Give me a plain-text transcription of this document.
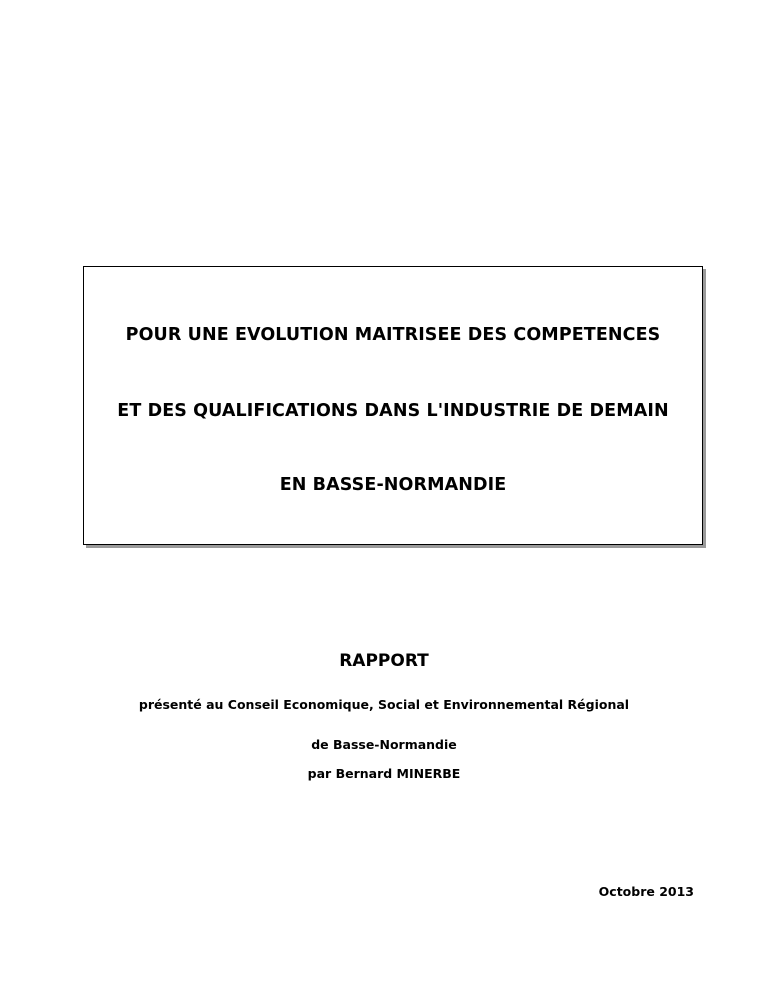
POUR UNE EVOLUTION MAITRISEE DES COMPETENCES
ET DES QUALIFICATIONS DANS L'INDUSTRIE DE DEMAIN
EN BASSE-NORMANDIE
RAPPORT
présenté au Conseil Economique, Social et Environnemental Régional
de Basse-Normandie
par Bernard MINERBE
Octobre 2013
